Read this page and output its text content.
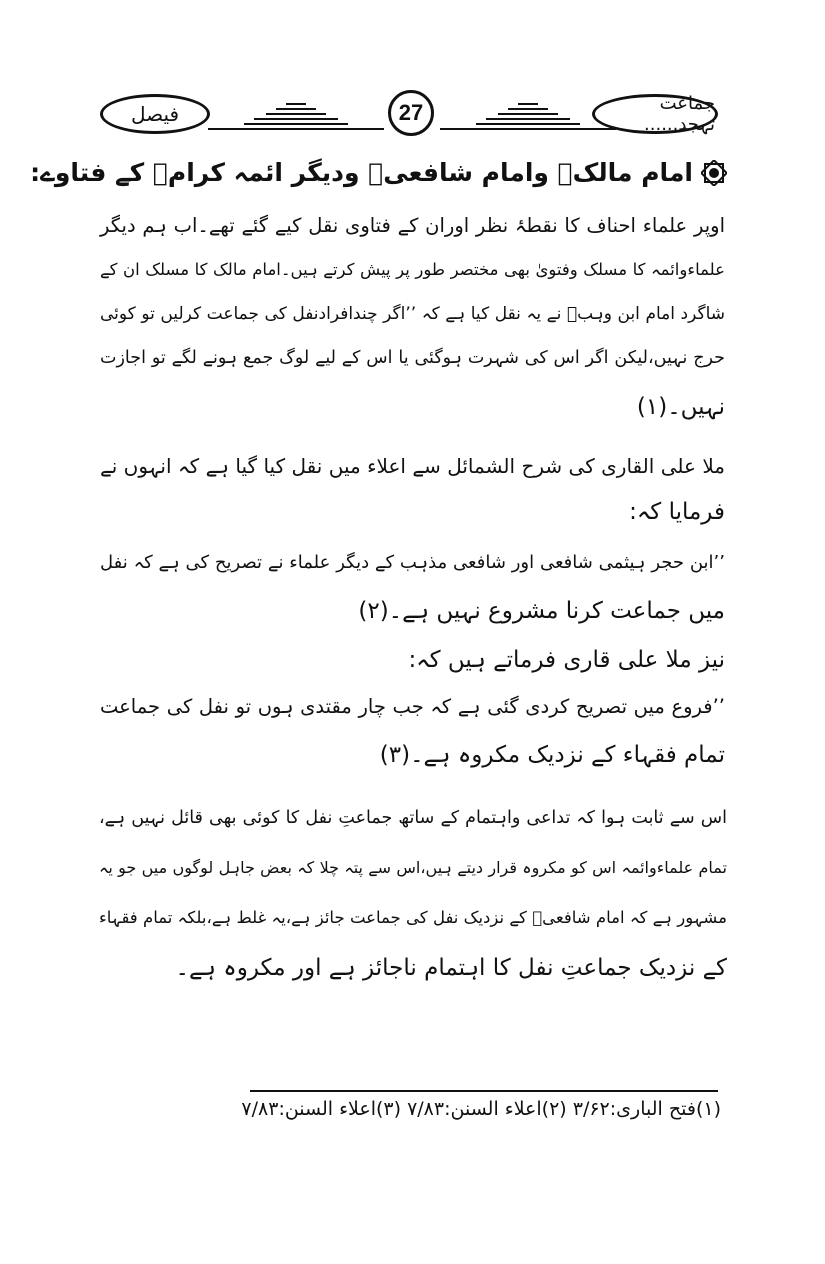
فیصل	27	جماعت تہجد......
امام مالکؒ وامام شافعیؒ ودیگر ائمہ کرامؒ کے فتاوے:
اوپر علماء احناف کا نقطۂ نظر اوران کے فتاوی نقل کیے گئے تھے۔اب ہم دیگر
علماءوائمہ کا مسلک وفتویٰ بھی مختصر طور پر پیش کرتے ہیں۔امام مالک کا مسلک ان کے
شاگرد امام ابن وہبؒ نے یہ نقل کیا ہے کہ ’’اگر چندافرادنفل کی جماعت کرلیں تو کوئی
حرج نہیں،لیکن اگر اس کی شہرت ہوگئی یا اس کے لیے لوگ جمع ہونے لگے تو اجازت
نہیں۔(۱)
ملا علی القاری کی شرح الشمائل سے اعلاء میں نقل کیا گیا ہے کہ انہوں نے
فرمایا کہ:
’’ابن حجر ہیثمی شافعی اور شافعی مذہب کے دیگر علماء نے تصریح کی ہے کہ نفل
میں جماعت کرنا مشروع نہیں ہے۔(۲)
نیز ملا علی قاری فرماتے ہیں کہ:
’’فروع میں تصریح کردی گئی ہے کہ جب چار مقتدی ہوں تو نفل کی جماعت
تمام فقہاء کے نزدیک مکروہ ہے۔(۳)
اس سے ثابت ہوا کہ تداعی واہتمام کے ساتھ جماعتِ نفل کا کوئی بھی قائل نہیں ہے،
تمام علماءوائمہ اس کو مکروہ قرار دیتے ہیں،اس سے پتہ چلا کہ بعض جاہل لوگوں میں جو یہ
مشہور ہے کہ امام شافعیؒ کے نزدیک نفل کی جماعت جائز ہے،یہ غلط ہے،بلکہ تمام فقہاء
کے نزدیک جماعتِ نفل کا اہتمام ناجائز ہے اور مکروہ ہے۔
(۱)فتح الباری:۳/۶۲ (۲)اعلاء السنن:۷/۸۳ (۳)اعلاء السنن:۷/۸۳
